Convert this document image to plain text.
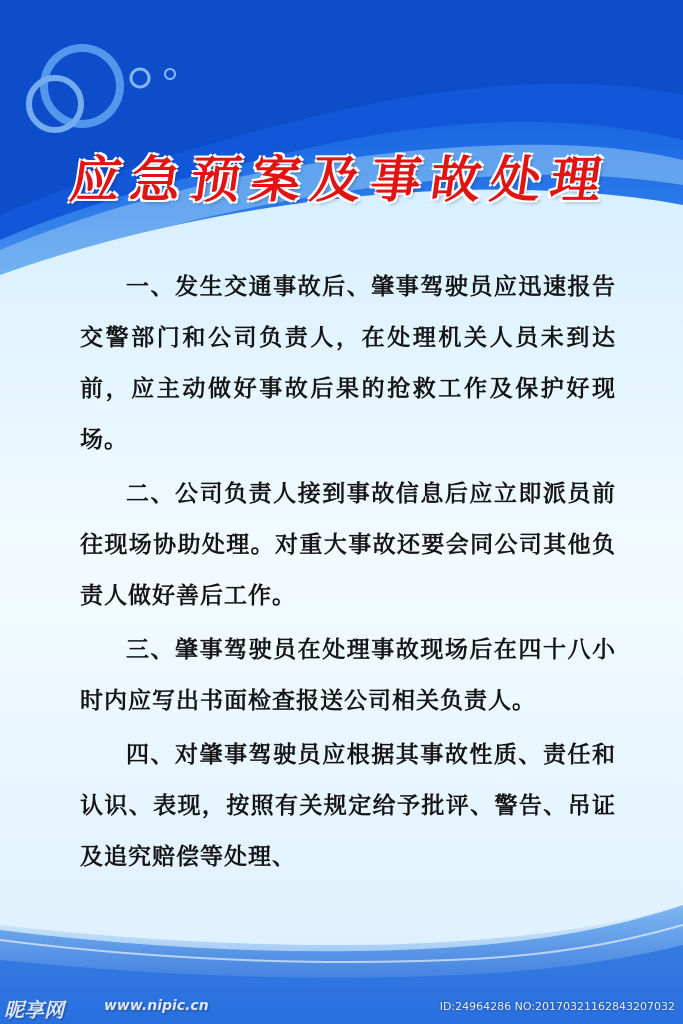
应急预案及事故处理

一、发生交通事故后、肇事驾驶员应迅速报告交警部门和公司负责人，在处理机关人员未到达前，应主动做好事故后果的抢救工作及保护好现场。

二、公司负责人接到事故信息后应立即派员前往现场协助处理。对重大事故还要会同公司其他负责人做好善后工作。

三、肇事驾驶员在处理事故现场后在四十八小时内应写出书面检查报送公司相关负责人。

四、对肇事驾驶员应根据其事故性质、责任和认识、表现，按照有关规定给予批评、警告、吊证及追究赔偿等处理、

昵享网	www.nipic.cn	ID:24964286 NO:20170321162843207032
